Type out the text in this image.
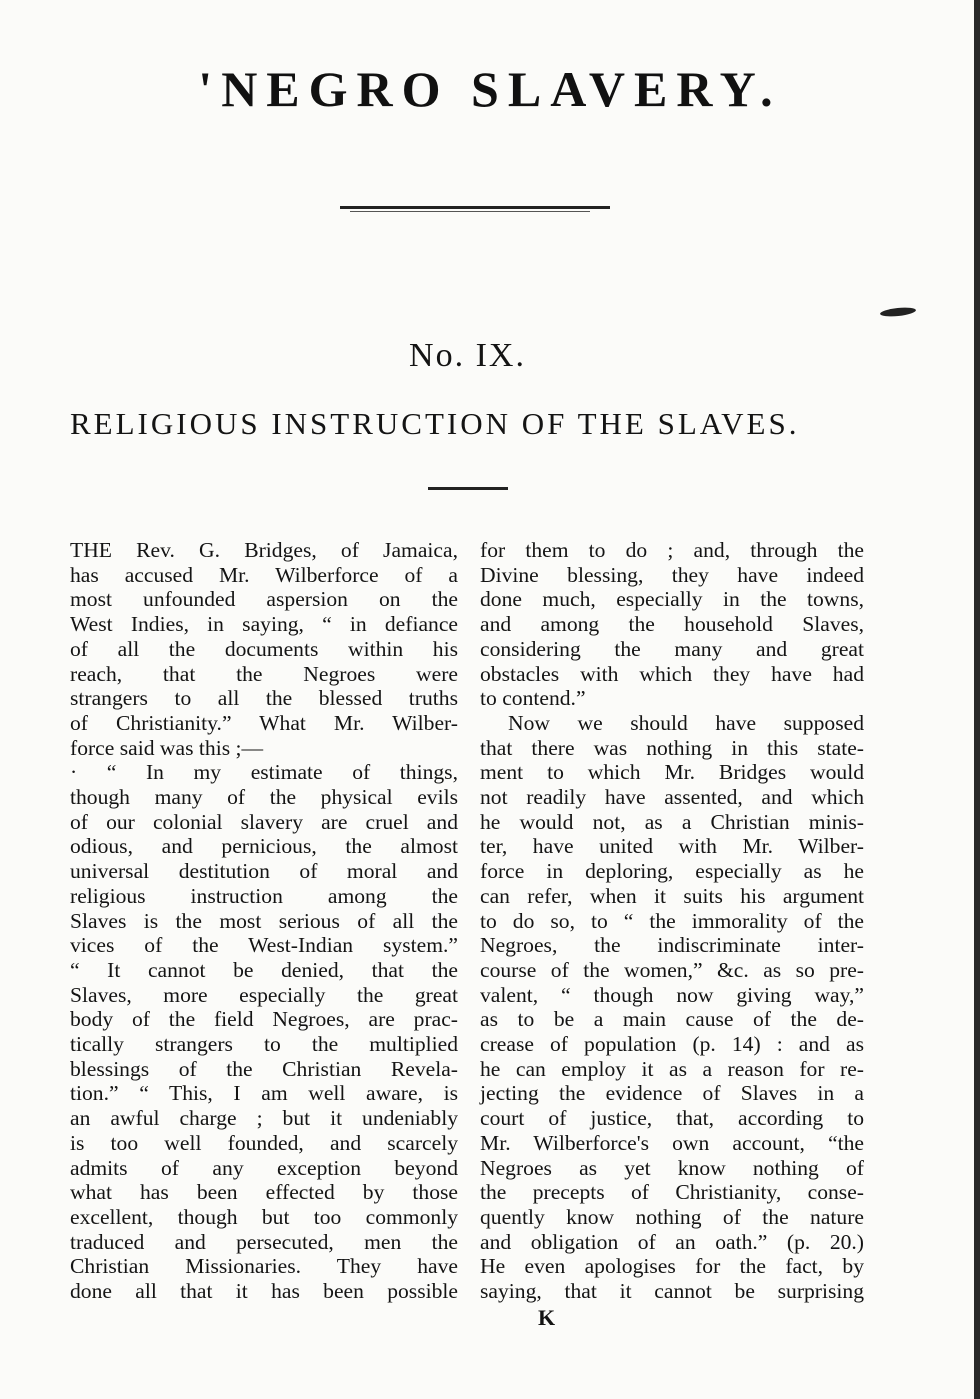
'NEGRO SLAVERY.
No. IX.
RELIGIOUS INSTRUCTION OF THE SLAVES.
THE Rev. G. Bridges, of Jamaica,
has accused Mr. Wilberforce of a
most unfounded aspersion on the
West Indies, in saying, “ in defiance
of all the documents within his
reach, that the Negroes were
strangers to all the blessed truths
of Christianity.” What Mr. Wilber-
force said was this ;—
· “ In my estimate of things,
though many of the physical evils
of our colonial slavery are cruel and
odious, and pernicious, the almost
universal destitution of moral and
religious instruction among the
Slaves is the most serious of all the
vices of the West-Indian system.”
“ It cannot be denied, that the
Slaves, more especially the great
body of the field Negroes, are prac-
tically strangers to the multiplied
blessings of the Christian Revela-
tion.” “ This, I am well aware, is
an awful charge ; but it undeniably
is too well founded, and scarcely
admits of any exception beyond
what has been effected by those
excellent, though but too commonly
traduced and persecuted, men the
Christian Missionaries. They have
done all that it has been possible
for them to do ; and, through the
Divine blessing, they have indeed
done much, especially in the towns,
and among the household Slaves,
considering the many and great
obstacles with which they have had
to contend.”
Now we should have supposed
that there was nothing in this state-
ment to which Mr. Bridges would
not readily have assented, and which
he would not, as a Christian minis-
ter, have united with Mr. Wilber-
force in deploring, especially as he
can refer, when it suits his argument
to do so, to “ the immorality of the
Negroes, the indiscriminate inter-
course of the women,” &c. as so pre-
valent, “ though now giving way,”
as to be a main cause of the de-
crease of population (p. 14) : and as
he can employ it as a reason for re-
jecting the evidence of Slaves in a
court of justice, that, according to
Mr. Wilberforce's own account, “the
Negroes as yet know nothing of
the precepts of Christianity, conse-
quently know nothing of the nature
and obligation of an oath.” (p. 20.)
He even apologises for the fact, by
saying, that it cannot be surprising
K
